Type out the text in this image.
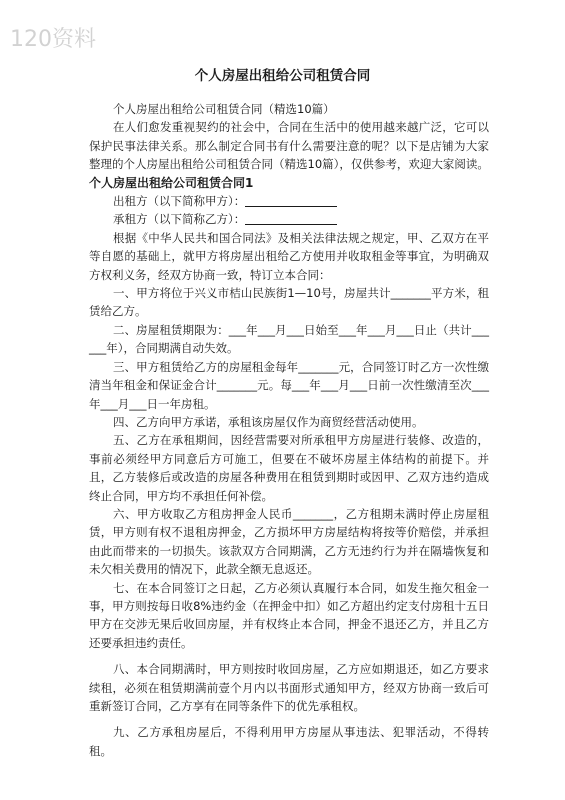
120资料
个人房屋出租给公司租赁合同

个人房屋出租给公司租赁合同（精选10篇）

在人们愈发重视契约的社会中，合同在生活中的使用越来越广泛，它可以保护民事法律关系。那么制定合同书有什么需要注意的呢？以下是店铺为大家整理的个人房屋出租给公司租赁合同（精选10篇），仅供参考，欢迎大家阅读。

个人房屋出租给公司租赁合同1

出租方（以下简称甲方）：

承租方（以下简称乙方）：

根据《中华人民共和国合同法》及相关法律法规之规定，甲、乙双方在平等自愿的基础上，就甲方将房屋出租给乙方使用并收取租金等事宜，为明确双方权利义务，经双方协商一致，特订立本合同：

一、甲方将位于兴义市桔山民族街1—10号，房屋共计_______平方米，租赁给乙方。

二、房屋租赁期限为：___年___月___日始至___年___月___日止（共计______年），合同期满自动失效。

三、甲方租赁给乙方的房屋租金每年_______元，合同签订时乙方一次性缴清当年租金和保证金合计_______元。每___年___月___日前一次性缴清至次___年___月___日一年房租。

四、乙方向甲方承诺，承租该房屋仅作为商贸经营活动使用。

五、乙方在承租期间，因经营需要对所承租甲方房屋进行装修、改造的，事前必须经甲方同意后方可施工，但要在不破坏房屋主体结构的前提下。并且，乙方装修后或改造的房屋各种费用在租赁到期时或因甲、乙双方违约造成终止合同，甲方均不承担任何补偿。

六、甲方收取乙方租房押金人民币_______，乙方租期未满时停止房屋租赁，甲方则有权不退租房押金，乙方损坏甲方房屋结构将按等价赔偿，并承担由此而带来的一切损失。该款双方合同期满，乙方无违约行为并在隔墙恢复和未欠相关费用的情况下，此款全额无息返还。

七、在本合同签订之日起，乙方必须认真履行本合同，如发生拖欠租金一事，甲方则按每日收8%违约金（在押金中扣）如乙方超出约定支付房租十五日甲方在交涉无果后收回房屋，并有权终止本合同，押金不退还乙方，并且乙方还要承担违约责任。

八、本合同期满时，甲方则按时收回房屋，乙方应如期退还，如乙方要求续租，必须在租赁期满前壹个月内以书面形式通知甲方，经双方协商一致后可重新签订合同，乙方享有在同等条件下的优先承租权。

九、乙方承租房屋后，不得利用甲方房屋从事违法、犯罪活动，不得转租。
